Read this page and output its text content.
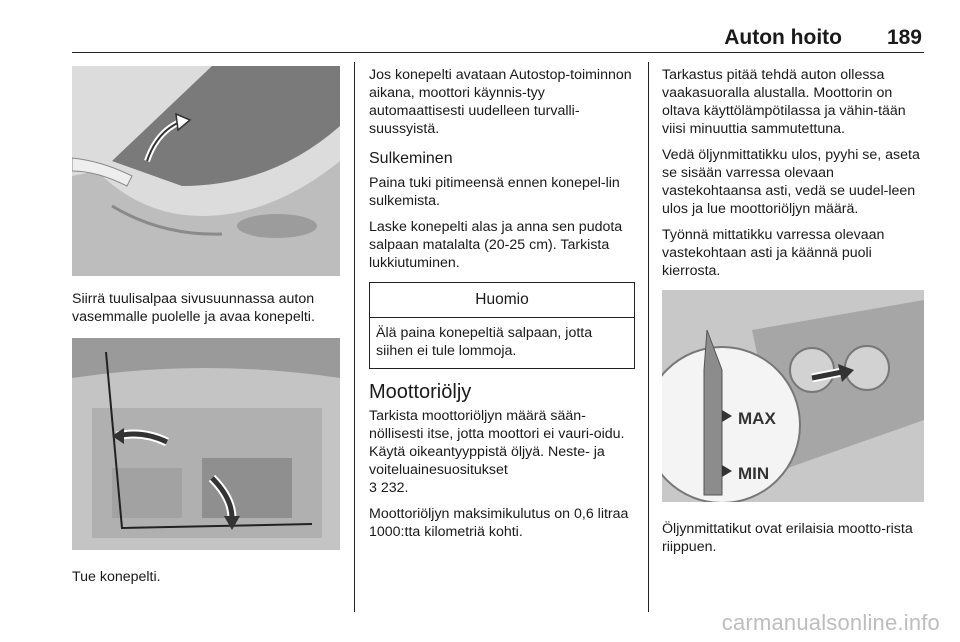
Auton hoito 189

Siirrä tuulisalpaa sivusuunnassa auton vasemmalle puolelle ja avaa konepelti.

Tue konepelti.

Jos konepelti avataan Autostop-toiminnon aikana, moottori käynnis-tyy automaattisesti uudelleen turvalli-suussyistä.

Sulkeminen

Paina tuki pitimeensä ennen konepel-lin sulkemista.

Laske konepelti alas ja anna sen pudota salpaan matalalta (20-25 cm). Tarkista lukkiutuminen.

Huomio
Älä paina konepeltiä salpaan, jotta siihen ei tule lommoja.
Moottoriöljy

Tarkista moottoriöljyn määrä sään-nöllisesti itse, jotta moottori ei vauri-oidu. Käytä oikeantyyppistä öljyä. Neste- ja voiteluainesuositukset

3 232.

Moottoriöljyn maksimikulutus on 0,6 litraa 1000:tta kilometriä kohti.

Tarkastus pitää tehdä auton ollessa vaakasuoralla alustalla. Moottorin on oltava käyttölämpötilassa ja vähin-tään viisi minuuttia sammutettuna.

Vedä öljynmittatikku ulos, pyyhi se, aseta se sisään varressa olevaan vastekohtaansa asti, vedä se uudel-leen ulos ja lue moottoriöljyn määrä.

Työnnä mittatikku varressa olevaan vastekohtaan asti ja käännä puoli kierrosta.

MAX
MIN

Öljynmittatikut ovat erilaisia mootto-rista riippuen.

carmanualsonline.info
